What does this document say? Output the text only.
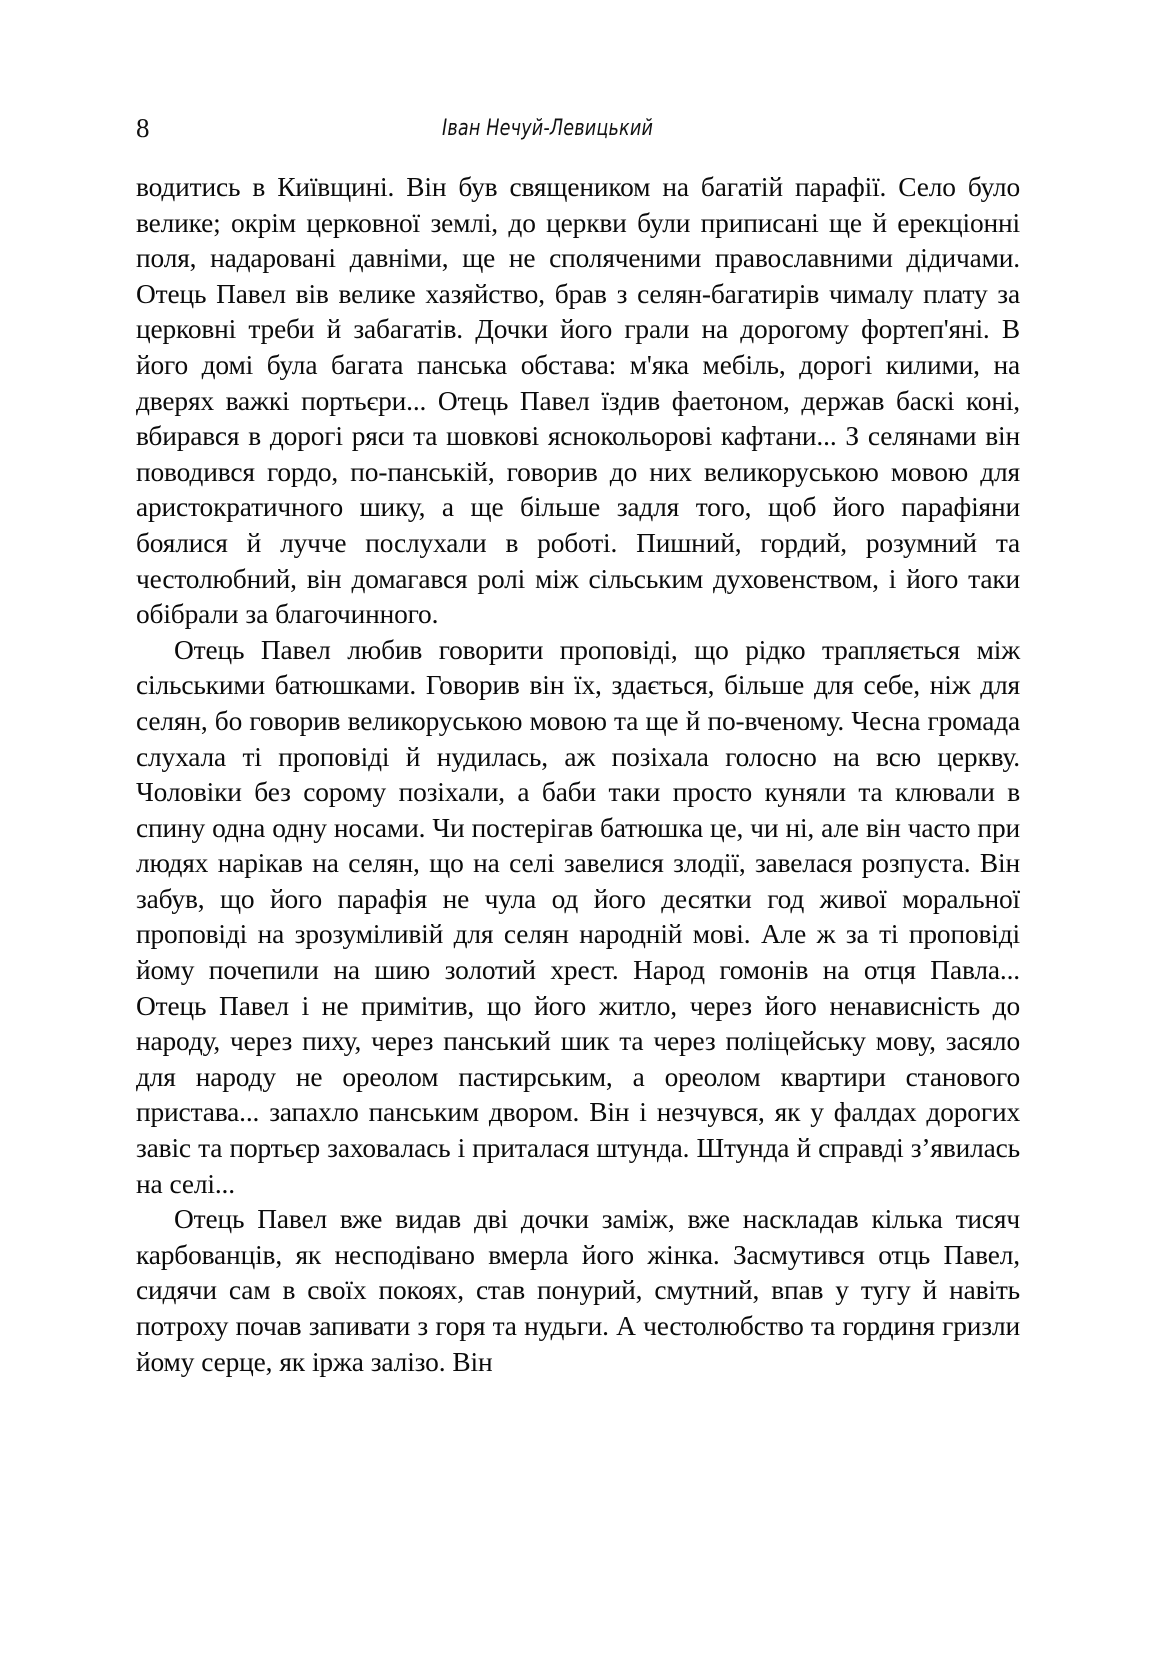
8	Іван Нечуй-Левицький

водитись в Київщині. Він був священиком на багатій парафії. Село було велике; окрім церковної землі, до церкви були приписані ще й ерекціонні поля, надаровані давніми, ще не споляченими православними дідичами. Отець Павел вів велике хазяйство, брав з селян-багатирів чималу плату за церковні треби й забагатів. Дочки його грали на дорогому фортеп'яні. В його домі була багата панська обстава: м'яка мебіль, дорогі килими, на дверях важкі портьєри... Отець Павел їздив фаетоном, держав баскі коні, вбирався в дорогі ряси та шовкові яснокольорові кафтани... З селянами він поводився гордо, по-панській, говорив до них великоруською мовою для аристократичного шику, а ще більше задля того, щоб його парафіяни боялися й лучче послухали в роботі. Пишний, гордий, розумний та честолюбний, він домагався ролі між сільським духовенством, і його таки обібрали за благочинного.

Отець Павел любив говорити проповіді, що рідко трапляється між сільськими батюшками. Говорив він їх, здається, більше для себе, ніж для селян, бо говорив великоруською мовою та ще й по-вченому. Чесна громада слухала ті проповіді й нудилась, аж позіхала голосно на всю церкву. Чоловіки без сорому позіхали, а баби таки просто куняли та клювали в спину одна одну носами. Чи постерігав батюшка це, чи ні, але він часто при людях нарікав на селян, що на селі завелися злодії, завелася розпуста. Він забув, що його парафія не чула од його десятки год живої моральної проповіді на зрозуміливій для селян народній мові. Але ж за ті проповіді йому почепили на шию золотий хрест. Народ гомонів на отця Павла... Отець Павел і не примітив, що його житло, через його ненависність до народу, через пиху, через панський шик та через поліцейську мову, засяло для народу не ореолом пастирським, а ореолом квартири станового пристава... запахло панським двором. Він і незчувся, як у фалдах дорогих завіс та портьєр заховалась і приталася штунда. Штунда й справді з’явилась на селі...

Отець Павел вже видав дві дочки заміж, вже наскладав кілька тисяч карбованців, як несподівано вмерла його жінка. Засмутився отць Павел, сидячи сам в своїх покоях, став понурий, смутний, впав у тугу й навіть потроху почав запивати з горя та нудьги. А честолюбство та гординя гризли йому серце, як іржа залізо. Він
